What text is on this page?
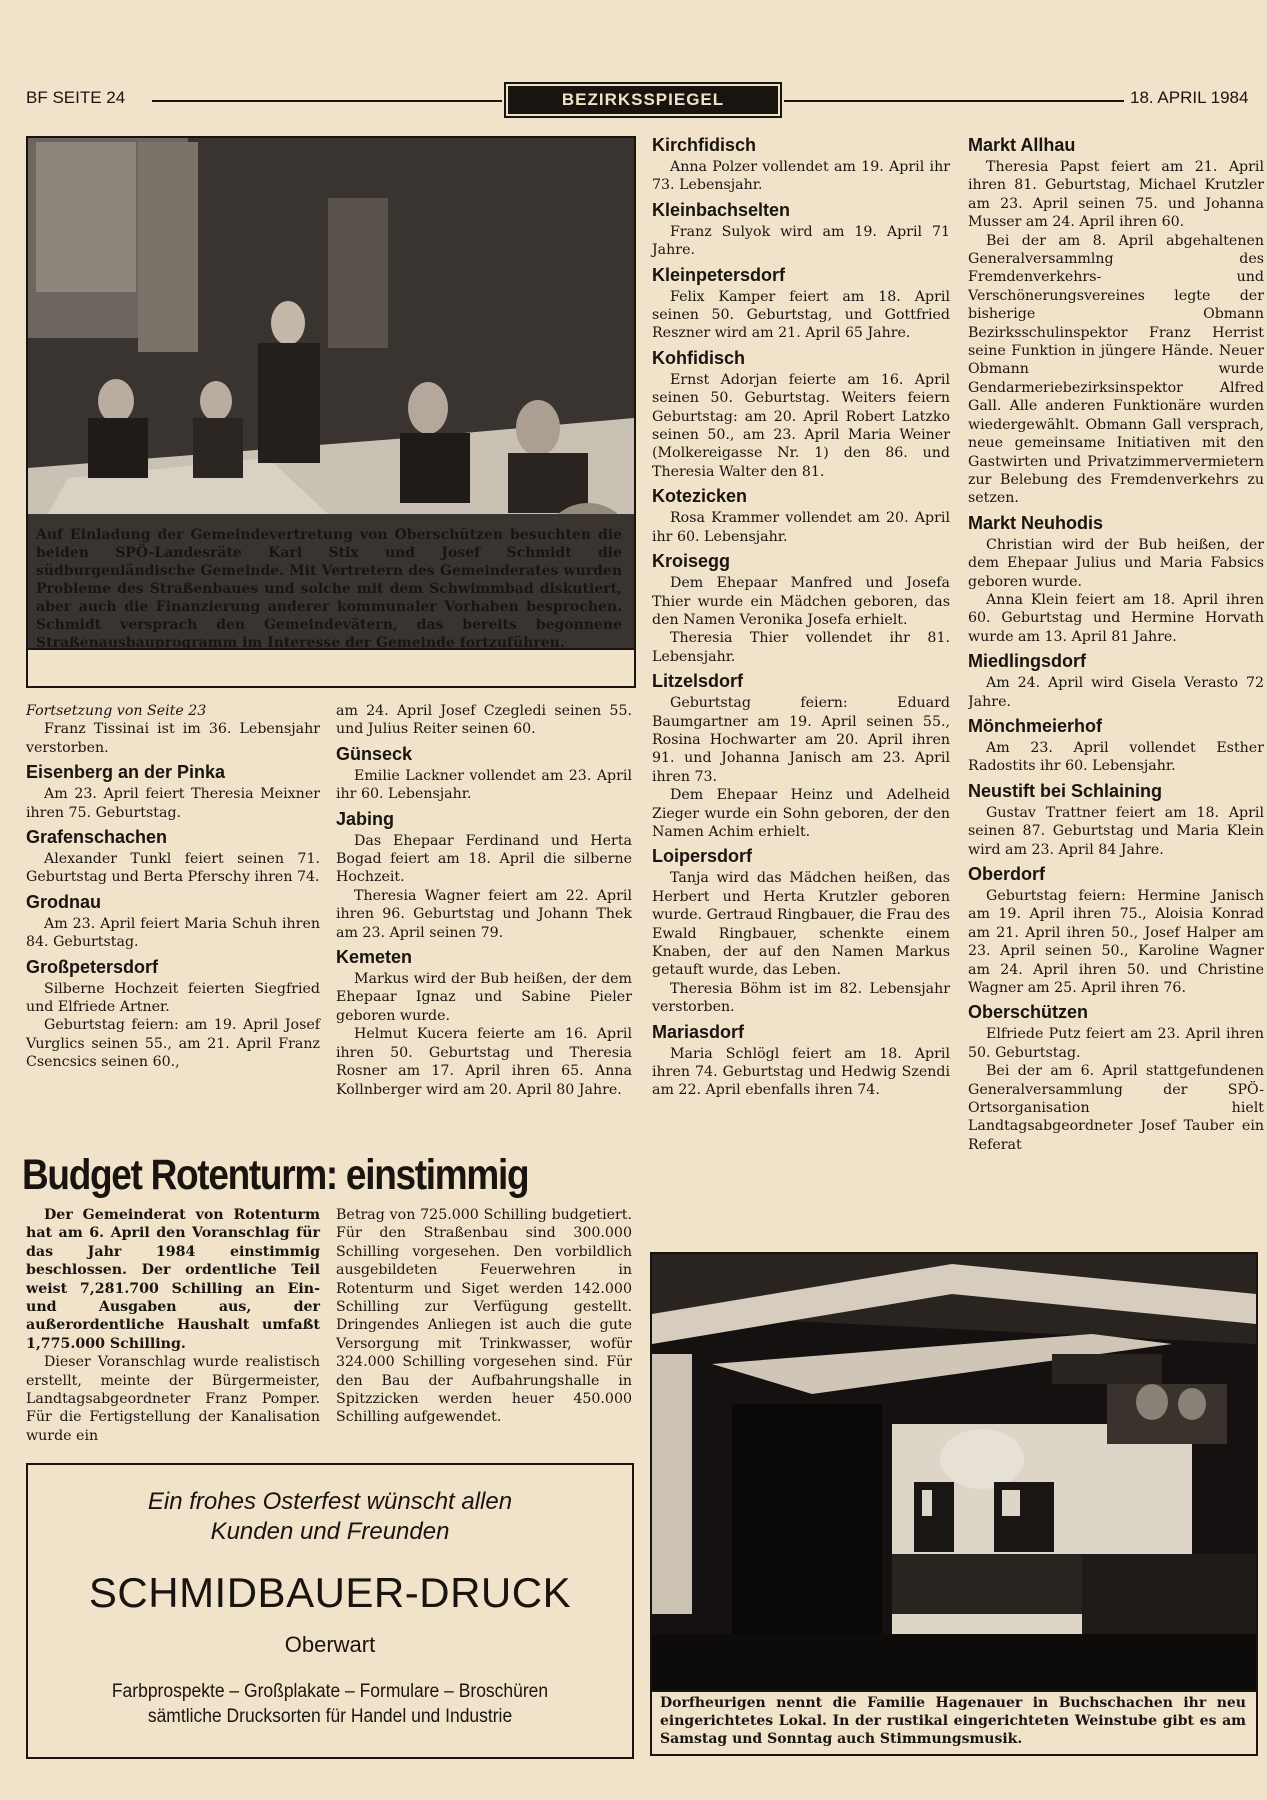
BF SEITE 24	BEZIRKSSPIEGEL	18. APRIL 1984
Auf Einladung der Gemeindevertretung von Oberschützen besuchten die beiden SPÖ-Landesräte Karl Stix und Josef Schmidt die südburgenländische Gemeinde. Mit Vertretern des Gemeinderates wurden Probleme des Straßenbaues und solche mit dem Schwimmbad diskutiert, aber auch die Finanzierung anderer kommunaler Vorhaben besprochen. Schmidt versprach den Gemeindevätern, das bereits begonnene Straßenausbauprogramm im Interesse der Gemeinde fortzuführen.

Fortsetzung von Seite 23

Franz Tissinai ist im 36. Lebensjahr verstorben.

Eisenberg an der Pinka

Am 23. April feiert Theresia Meixner ihren 75. Geburtstag.

Grafenschachen

Alexander Tunkl feiert seinen 71. Geburtstag und Berta Pferschy ihren 74.

Grodnau

Am 23. April feiert Maria Schuh ihren 84. Geburtstag.

Großpetersdorf

Silberne Hochzeit feierten Siegfried und Elfriede Artner.

Geburtstag feiern: am 19. April Josef Vurglics seinen 55., am 21. April Franz Csencsics seinen 60.,

am 24. April Josef Czegledi seinen 55. und Julius Reiter seinen 60.

Günseck

Emilie Lackner vollendet am 23. April ihr 60. Lebensjahr.

Jabing

Das Ehepaar Ferdinand und Herta Bogad feiert am 18. April die silberne Hochzeit.

Theresia Wagner feiert am 22. April ihren 96. Geburtstag und Johann Thek am 23. April seinen 79.

Kemeten

Markus wird der Bub heißen, der dem Ehepaar Ignaz und Sabine Pieler geboren wurde.

Helmut Kucera feierte am 16. April ihren 50. Geburtstag und Theresia Rosner am 17. April ihren 65. Anna Kollnberger wird am 20. April 80 Jahre.

Budget Rotenturm: einstimmig

Der Gemeinderat von Rotenturm hat am 6. April den Voranschlag für das Jahr 1984 einstimmig beschlossen. Der ordentliche Teil weist 7,281.700 Schilling an Ein- und Ausgaben aus, der außerordentliche Haushalt umfaßt 1,775.000 Schilling.

Dieser Voranschlag wurde realistisch erstellt, meinte der Bürgermeister, Landtagsabgeordneter Franz Pomper. Für die Fertigstellung der Kanalisation wurde ein

Betrag von 725.000 Schilling budgetiert. Für den Straßenbau sind 300.000 Schilling vorgesehen. Den vorbildlich ausgebildeten Feuerwehren in Rotenturm und Siget werden 142.000 Schilling zur Verfügung gestellt. Dringendes Anliegen ist auch die gute Versorgung mit Trinkwasser, wofür 324.000 Schilling vorgesehen sind. Für den Bau der Aufbahrungshalle in Spitzzicken werden heuer 450.000 Schilling aufgewendet.

Ein frohes Osterfest wünscht allen
Kunden und Freunden
SCHMIDBAUER-DRUCK
Oberwart
Farbprospekte – Großplakate – Formulare – Broschüren
sämtliche Drucksorten für Handel und Industrie
Kirchfidisch

Anna Polzer vollendet am 19. April ihr 73. Lebensjahr.

Kleinbachselten

Franz Sulyok wird am 19. April 71 Jahre.

Kleinpetersdorf

Felix Kamper feiert am 18. April seinen 50. Geburtstag, und Gottfried Reszner wird am 21. April 65 Jahre.

Kohfidisch

Ernst Adorjan feierte am 16. April seinen 50. Geburtstag. Weiters feiern Geburtstag: am 20. April Robert Latzko seinen 50., am 23. April Maria Weiner (Molkereigasse Nr. 1) den 86. und Theresia Walter den 81.

Kotezicken

Rosa Krammer vollendet am 20. April ihr 60. Lebensjahr.

Kroisegg

Dem Ehepaar Manfred und Josefa Thier wurde ein Mädchen geboren, das den Namen Veronika Josefa erhielt.

Theresia Thier vollendet ihr 81. Lebensjahr.

Litzelsdorf

Geburtstag feiern: Eduard Baumgartner am 19. April seinen 55., Rosina Hochwarter am 20. April ihren 91. und Johanna Janisch am 23. April ihren 73.

Dem Ehepaar Heinz und Adelheid Zieger wurde ein Sohn geboren, der den Namen Achim erhielt.

Loipersdorf

Tanja wird das Mädchen heißen, das Herbert und Herta Krutzler geboren wurde. Gertraud Ringbauer, die Frau des Ewald Ringbauer, schenkte einem Knaben, der auf den Namen Markus getauft wurde, das Leben.

Theresia Böhm ist im 82. Lebensjahr verstorben.

Mariasdorf

Maria Schlögl feiert am 18. April ihren 74. Geburtstag und Hedwig Szendi am 22. April ebenfalls ihren 74.

Markt Allhau

Theresia Papst feiert am 21. April ihren 81. Geburtstag, Michael Krutzler am 23. April seinen 75. und Johanna Musser am 24. April ihren 60.

Bei der am 8. April abgehaltenen Generalversammlng des Fremdenverkehrs- und Verschönerungsvereines legte der bisherige Obmann Bezirksschulinspektor Franz Herrist seine Funktion in jüngere Hände. Neuer Obmann wurde Gendarmeriebezirksinspektor Alfred Gall. Alle anderen Funktionäre wurden wiedergewählt. Obmann Gall versprach, neue gemeinsame Initiativen mit den Gastwirten und Privatzimmervermietern zur Belebung des Fremdenverkehrs zu setzen.

Markt Neuhodis

Christian wird der Bub heißen, der dem Ehepaar Julius und Maria Fabsics geboren wurde.

Anna Klein feiert am 18. April ihren 60. Geburtstag und Hermine Horvath wurde am 13. April 81 Jahre.

Miedlingsdorf

Am 24. April wird Gisela Verasto 72 Jahre.

Mönchmeierhof

Am 23. April vollendet Esther Radostits ihr 60. Lebensjahr.

Neustift bei Schlaining

Gustav Trattner feiert am 18. April seinen 87. Geburtstag und Maria Klein wird am 23. April 84 Jahre.

Oberdorf

Geburtstag feiern: Hermine Janisch am 19. April ihren 75., Aloisia Konrad am 21. April ihren 50., Josef Halper am 23. April seinen 50., Karoline Wagner am 24. April ihren 50. und Christine Wagner am 25. April ihren 76.

Oberschützen

Elfriede Putz feiert am 23. April ihren 50. Geburtstag.

Bei der am 6. April stattgefundenen Generalversammlung der SPÖ-Ortsorganisation hielt Landtagsabgeordneter Josef Tauber ein Referat

Dorfheurigen nennt die Familie Hagenauer in Buchschachen ihr neu eingerichtetes Lokal. In der rustikal eingerichteten Weinstube gibt es am Samstag und Sonntag auch Stimmungsmusik.
